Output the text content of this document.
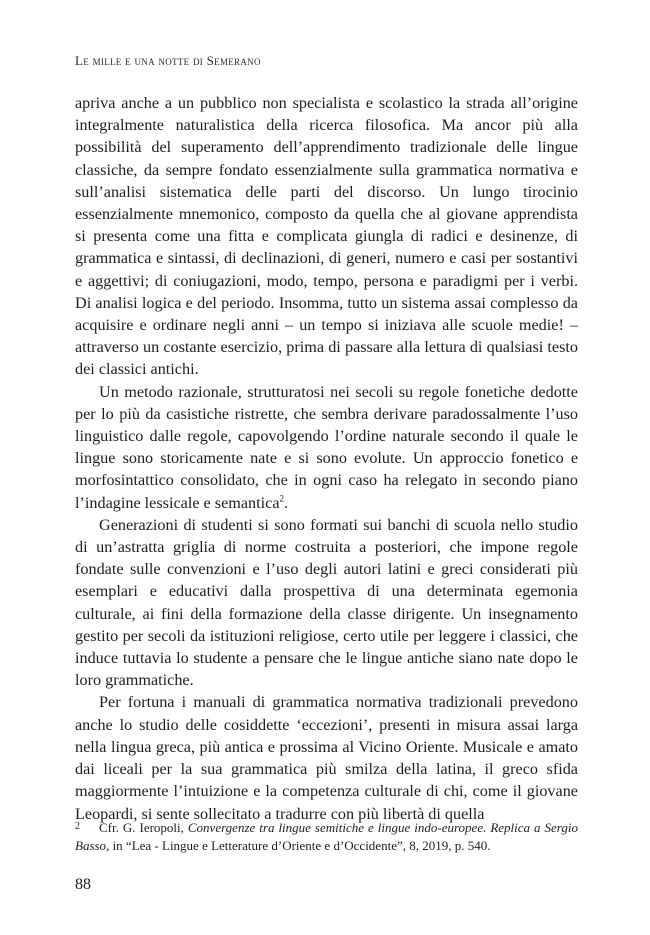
Le mille e una notte di Semerano

apriva anche a un pubblico non specialista e scolastico la strada all’origine integralmente naturalistica della ricerca filosofica. Ma ancor più alla possibilità del superamento dell’apprendimento tradizionale delle lingue classiche, da sempre fondato essenzialmente sulla grammatica normativa e sull’analisi sistematica delle parti del discorso. Un lungo tirocinio essenzialmente mnemonico, composto da quella che al giovane apprendista si presenta come una fitta e complicata giungla di radici e desinenze, di grammatica e sintassi, di declinazioni, di generi, numero e casi per sostantivi e aggettivi; di coniugazioni, modo, tempo, persona e paradigmi per i verbi. Di analisi logica e del periodo. Insomma, tutto un sistema assai complesso da acquisire e ordinare negli anni – un tempo si iniziava alle scuole medie! – attraverso un costante esercizio, prima di passare alla lettura di qualsiasi testo dei classici antichi.

Un metodo razionale, strutturatosi nei secoli su regole fonetiche dedotte per lo più da casistiche ristrette, che sembra derivare paradossalmente l’uso linguistico dalle regole, capovolgendo l’ordine naturale secondo il quale le lingue sono storicamente nate e si sono evolute. Un approccio fonetico e morfosintattico consolidato, che in ogni caso ha relegato in secondo piano l’indagine lessicale e semantica$^2$.

Generazioni di studenti si sono formati sui banchi di scuola nello studio di un’astratta griglia di norme costruita a posteriori, che impone regole fondate sulle convenzioni e l’uso degli autori latini e greci considerati più esemplari e educativi dalla prospettiva di una determinata egemonia culturale, ai fini della formazione della classe dirigente. Un insegnamento gestito per secoli da istituzioni religiose, certo utile per leggere i classici, che induce tuttavia lo studente a pensare che le lingue antiche siano nate dopo le loro grammatiche.

Per fortuna i manuali di grammatica normativa tradizionali prevedono anche lo studio delle cosiddette ‘eccezioni’, presenti in misura assai larga nella lingua greca, più antica e prossima al Vicino Oriente. Musicale e amato dai liceali per la sua grammatica più smilza della latina, il greco sfida maggiormente l’intuizione e la competenza culturale di chi, come il giovane Leopardi, si sente sollecitato a tradurre con più libertà di quella

2 Cfr. G. Ieropoli, Convergenze tra lingue semitiche e lingue indo-europee. Replica a Sergio Basso, in “Lea - Lingue e Letterature d’Oriente e d’Occidente”, 8, 2019, p. 540.
88
